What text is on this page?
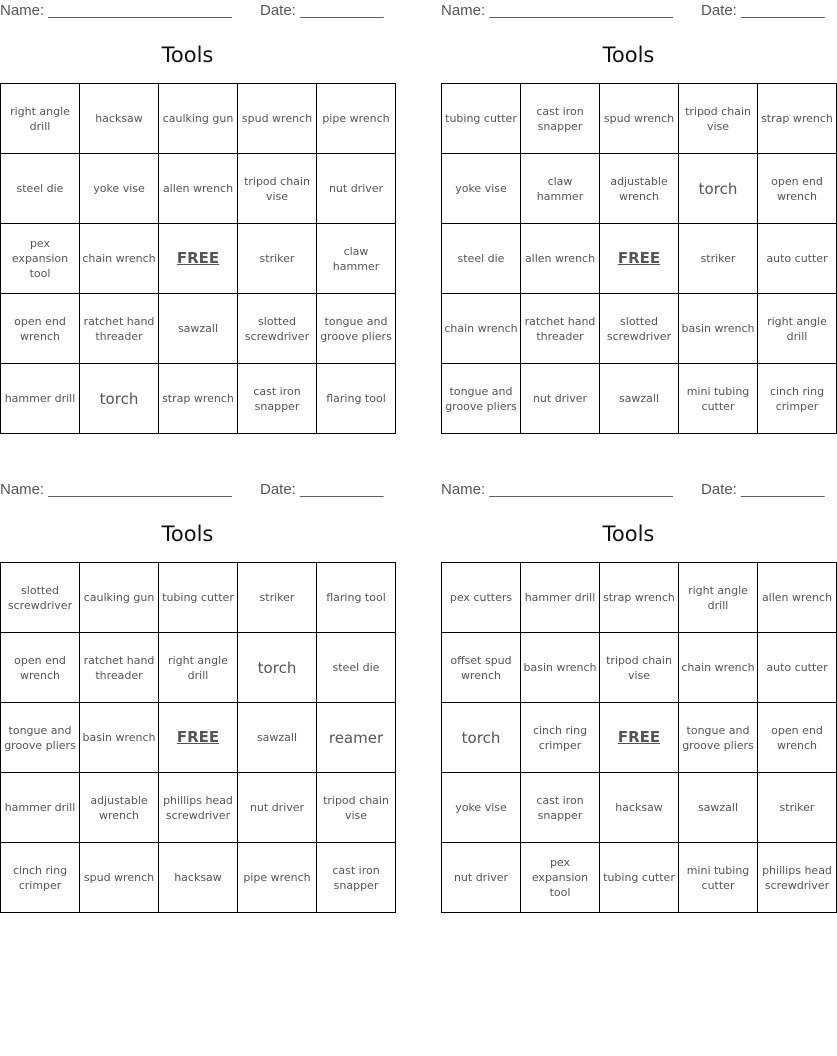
Name: ______________________ Date: __________
Tools
right angle drill	hacksaw	caulking gun	spud wrench	pipe wrench
steel die	yoke vise	allen wrench	tripod chain vise	nut driver
pex expansion tool	chain wrench	FREE	striker	claw hammer
open end wrench	ratchet hand threader	sawzall	slotted screwdriver	tongue and groove pliers
hammer drill	torch	strap wrench	cast iron snapper	flaring tool
Name: ______________________ Date: __________
Tools
tubing cutter	cast iron snapper	spud wrench	tripod chain vise	strap wrench
yoke vise	claw hammer	adjustable wrench	torch	open end wrench
steel die	allen wrench	FREE	striker	auto cutter
chain wrench	ratchet hand threader	slotted screwdriver	basin wrench	right angle drill
tongue and groove pliers	nut driver	sawzall	mini tubing cutter	cinch ring crimper
Name: ______________________ Date: __________
Tools
slotted screwdriver	caulking gun	tubing cutter	striker	flaring tool
open end wrench	ratchet hand threader	right angle drill	torch	steel die
tongue and groove pliers	basin wrench	FREE	sawzall	reamer
hammer drill	adjustable wrench	phillips head screwdriver	nut driver	tripod chain vise
cinch ring crimper	spud wrench	hacksaw	pipe wrench	cast iron snapper
Name: ______________________ Date: __________
Tools
pex cutters	hammer drill	strap wrench	right angle drill	allen wrench
offset spud wrench	basin wrench	tripod chain vise	chain wrench	auto cutter
torch	cinch ring crimper	FREE	tongue and groove pliers	open end wrench
yoke vise	cast iron snapper	hacksaw	sawzall	striker
nut driver	pex expansion tool	tubing cutter	mini tubing cutter	phillips head screwdriver
